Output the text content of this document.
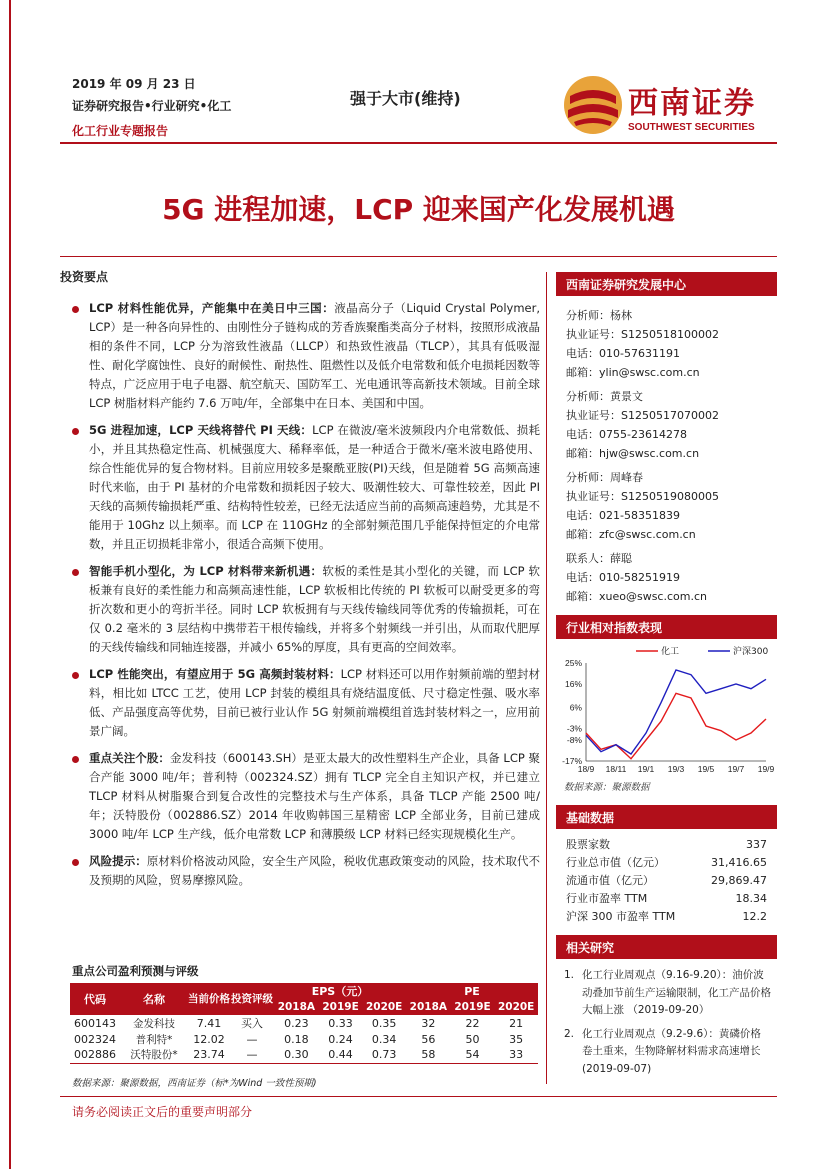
2019 年 09 月 23 日
证券研究报告•行业研究•化工
化工行业专题报告
强于大市(维持)	西南证券
SOUTHWEST SECURITIES
5G 进程加速，LCP 迎来国产化发展机遇
投资要点
LCP 材料性能优异，产能集中在美日中三国：液晶高分子（Liquid Crystal Polymer, LCP）是一种各向异性的、由刚性分子链构成的芳香族聚酯类高分子材料，按照形成液晶相的条件不同，LCP 分为溶致性液晶（LLCP）和热致性液晶（TLCP），其具有低吸湿性、耐化学腐蚀性、良好的耐候性、耐热性、阻燃性以及低介电常数和低介电损耗因数等特点，广泛应用于电子电器、航空航天、国防军工、光电通讯等高新技术领域。目前全球 LCP 树脂材料产能约 7.6 万吨/年，全部集中在日本、美国和中国。
5G 进程加速，LCP 天线将替代 PI 天线：LCP 在微波/毫米波频段内介电常数低、损耗小，并且其热稳定性高、机械强度大、稀释率低，是一种适合于微米/毫米波电路使用、综合性能优异的复合物材料。目前应用较多是聚酰亚胺(PI)天线，但是随着 5G 高频高速时代来临，由于 PI 基材的介电常数和损耗因子较大、吸潮性较大、可靠性较差，因此 PI 天线的高频传输损耗严重、结构特性较差，已经无法适应当前的高频高速趋势，尤其是不能用于 10Ghz 以上频率。而 LCP 在 110GHz 的全部射频范围几乎能保持恒定的介电常数，并且正切损耗非常小，很适合高频下使用。
智能手机小型化，为 LCP 材料带来新机遇：软板的柔性是其小型化的关键，而 LCP 软板兼有良好的柔性能力和高频高速性能，LCP 软板相比传统的 PI 软板可以耐受更多的弯折次数和更小的弯折半径。同时 LCP 软板拥有与天线传输线同等优秀的传输损耗，可在仅 0.2 毫米的 3 层结构中携带若干根传输线，并将多个射频线一并引出，从而取代肥厚的天线传输线和同轴连接器，并减小 65%的厚度，具有更高的空间效率。
LCP 性能突出，有望应用于 5G 高频封装材料：LCP 材料还可以用作射频前端的塑封材料，相比如 LTCC 工艺，使用 LCP 封装的模组具有烧结温度低、尺寸稳定性强、吸水率低、产品强度高等优势，目前已被行业认作 5G 射频前端模组首选封装材料之一，应用前景广阔。
重点关注个股：金发科技（600143.SH）是亚太最大的改性塑料生产企业，具备 LCP 聚合产能 3000 吨/年；普利特（002324.SZ）拥有 TLCP 完全自主知识产权，并已建立 TLCP 材料从树脂聚合到复合改性的完整技术与生产体系，具备 TLCP 产能 2500 吨/年；沃特股份（002886.SZ）2014 年收购韩国三星精密 LCP 全部业务，目前已建成 3000 吨/年 LCP 生产线，低介电常数 LCP 和薄膜级 LCP 材料已经实现规模化生产。
风险提示：原材料价格波动风险，安全生产风险，税收优惠政策变动的风险，技术取代不及预期的风险，贸易摩擦风险。
西南证券研究发展中心
分析师：杨林
执业证号：S1250518100002
电话：010-57631191
邮箱：ylin@swsc.com.cn
分析师：黄景文
执业证号：S1250517070002
电话：0755-23614278
邮箱：hjw@swsc.com.cn
分析师：周峰春
执业证号：S1250519080005
电话：021-58351839
邮箱：zfc@swsc.com.cn
联系人：薛聪
电话：010-58251919
邮箱：xueo@swsc.com.cn
行业相对指数表现
25%
16%
6%
-3%
-8%
-17%
18/9 18/11 19/1 19/3 19/5 19/7 19/9
化工	沪深300
数据来源：聚源数据
基础数据
股票家数	337
行业总市值（亿元）	31,416.65
流通市值（亿元）	29,869.47
行业市盈率 TTM	18.34
沪深 300 市盈率 TTM	12.2
相关研究
1. 化工行业周观点（9.16-9.20）：油价波动叠加节前生产运输限制，化工产品价格大幅上涨 （2019-09-20）
2. 化工行业周观点（9.2-9.6）：黄磷价格卷土重来，生物降解材料需求高速增长 (2019-09-07)
重点公司盈利预测与评级
代码	名称	当前价格	投资评级	EPS（元）			PE		
				2018A	2019E	2020E	2018A	2019E	2020E
600143	金发科技	7.41	买入	0.23	0.33	0.35	32	22	21
002324	普利特*	12.02	—	0.18	0.24	0.34	56	50	35
002886	沃特股份*	23.74	—	0.30	0.44	0.73	58	54	33
数据来源：聚源数据，西南证券（标*为Wind 一致性预期)
请务必阅读正文后的重要声明部分
